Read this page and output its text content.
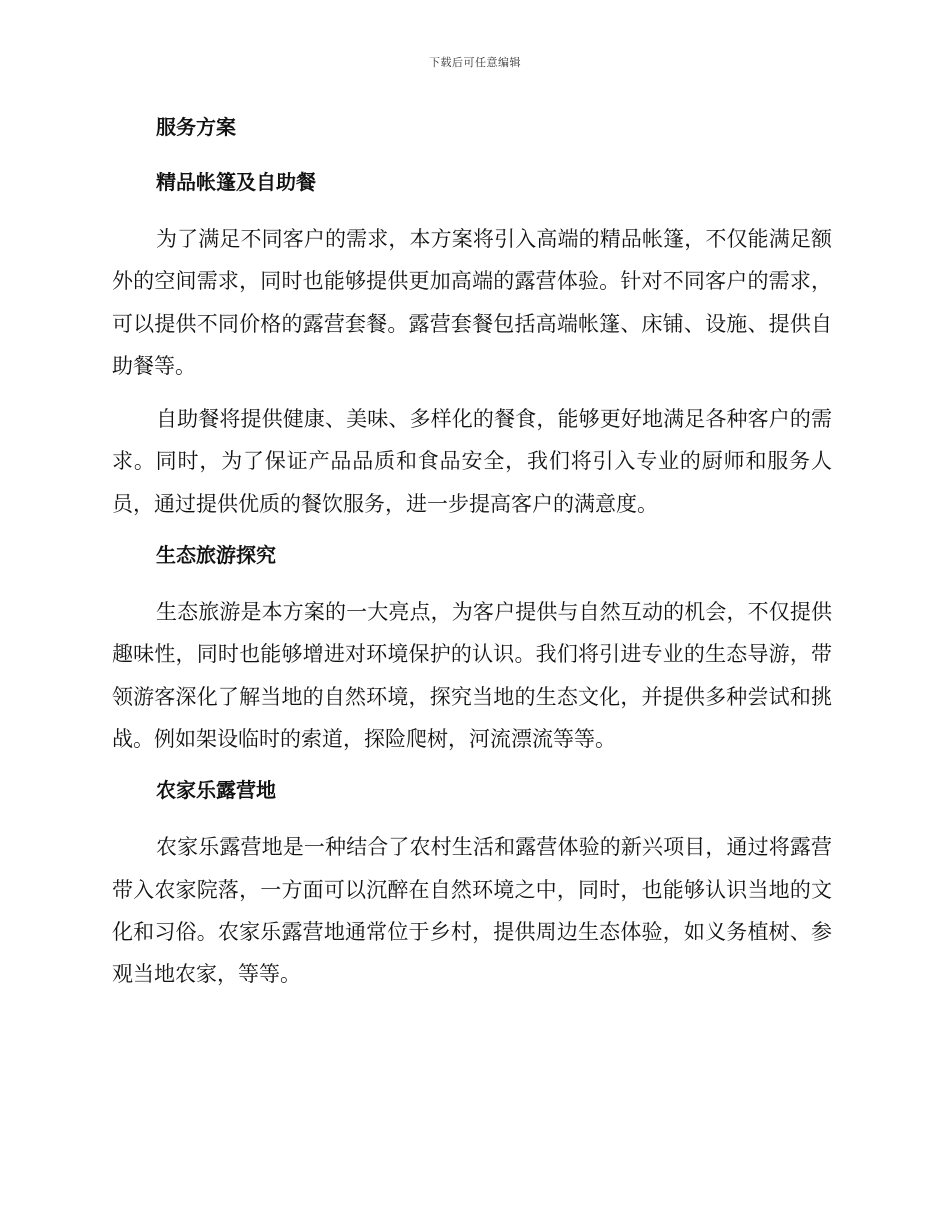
下载后可任意编辑
服务方案
精品帐篷及自助餐

为了满足不同客户的需求，本方案将引入高端的精品帐篷，不仅能满足额外的空间需求，同时也能够提供更加高端的露营体验。针对不同客户的需求，可以提供不同价格的露营套餐。露营套餐包括高端帐篷、床铺、设施、提供自助餐等。

自助餐将提供健康、美味、多样化的餐食，能够更好地满足各种客户的需求。同时，为了保证产品品质和食品安全，我们将引入专业的厨师和服务人员，通过提供优质的餐饮服务，进一步提高客户的满意度。

生态旅游探究

生态旅游是本方案的一大亮点，为客户提供与自然互动的机会，不仅提供趣味性，同时也能够增进对环境保护的认识。我们将引进专业的生态导游，带领游客深化了解当地的自然环境，探究当地的生态文化，并提供多种尝试和挑战。例如架设临时的索道，探险爬树，河流漂流等等。

农家乐露营地

农家乐露营地是一种结合了农村生活和露营体验的新兴项目，通过将露营带入农家院落，一方面可以沉醉在自然环境之中，同时，也能够认识当地的文化和习俗。农家乐露营地通常位于乡村，提供周边生态体验，如义务植树、参观当地农家，等等。
